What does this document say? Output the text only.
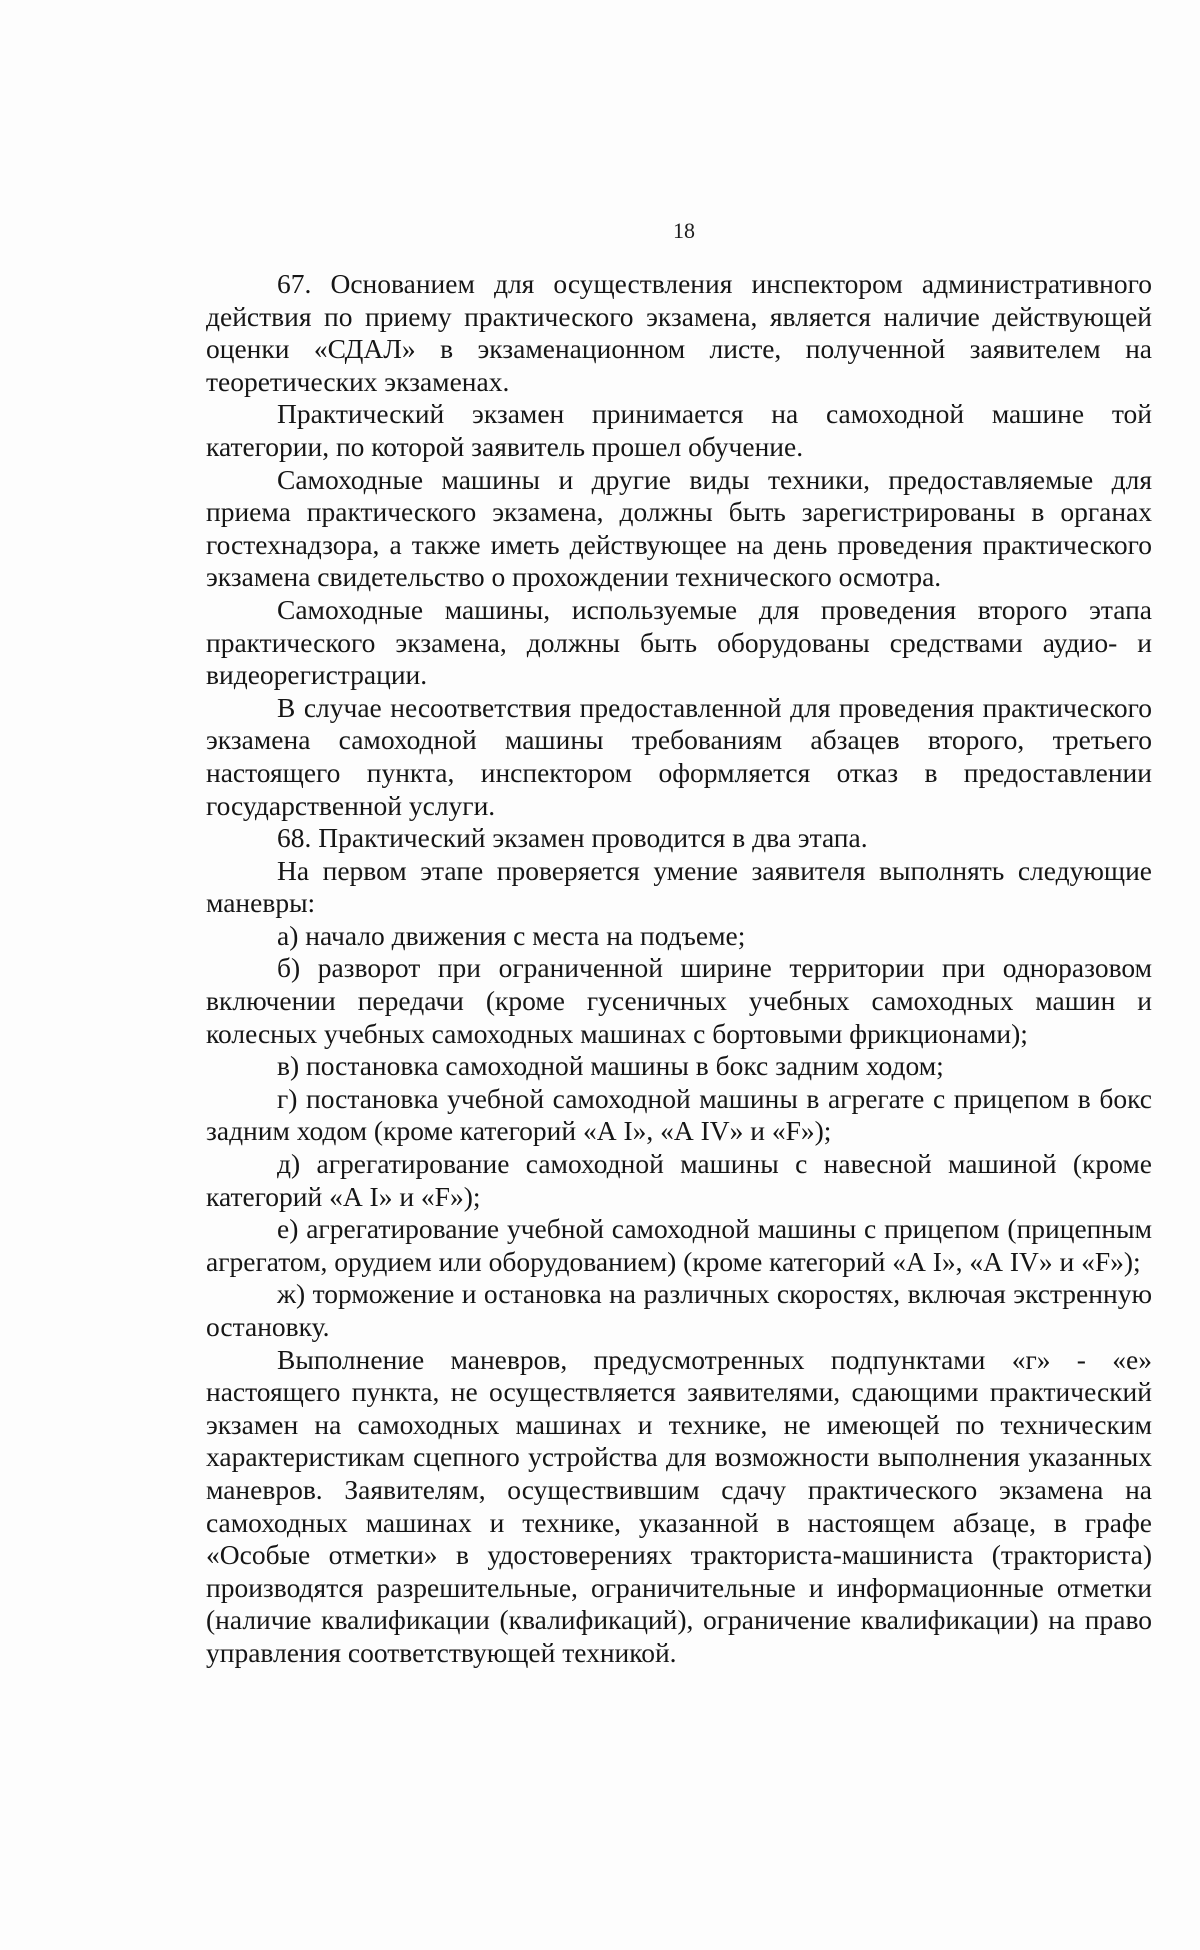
18

67. Основанием для осуществления инспектором административного действия по приему практического экзамена, является наличие действующей оценки «СДАЛ» в экзаменационном листе, полученной заявителем на теоретических экзаменах.

Практический экзамен принимается на самоходной машине той категории, по которой заявитель прошел обучение.

Самоходные машины и другие виды техники, предоставляемые для приема практического экзамена, должны быть зарегистрированы в органах гостехнадзора, а также иметь действующее на день проведения практического экзамена свидетельство о прохождении технического осмотра.

Самоходные машины, используемые для проведения второго этапа практического экзамена, должны быть оборудованы средствами аудио- и видеорегистрации.

В случае несоответствия предоставленной для проведения практического экзамена самоходной машины требованиям абзацев второго, третьего настоящего пункта, инспектором оформляется отказ в предоставлении государственной услуги.

68. Практический экзамен проводится в два этапа.

На первом этапе проверяется умение заявителя выполнять следующие маневры:

а) начало движения с места на подъеме;

б) разворот при ограниченной ширине территории при одноразовом включении передачи (кроме гусеничных учебных самоходных машин и колесных учебных самоходных машинах с бортовыми фрикционами);

в) постановка самоходной машины в бокс задним ходом;

г) постановка учебной самоходной машины в агрегате с прицепом в бокс задним ходом (кроме категорий «А I», «А IV» и «F»);

д) агрегатирование самоходной машины с навесной машиной (кроме категорий «А I» и «F»);

е) агрегатирование учебной самоходной машины с прицепом (прицепным агрегатом, орудием или оборудованием) (кроме категорий «А I», «А IV» и «F»);

ж) торможение и остановка на различных скоростях, включая экстренную остановку.

Выполнение маневров, предусмотренных подпунктами «г» - «е» настоящего пункта, не осуществляется заявителями, сдающими практический экзамен на самоходных машинах и технике, не имеющей по техническим характеристикам сцепного устройства для возможности выполнения указанных маневров. Заявителям, осуществившим сдачу практического экзамена на самоходных машинах и технике, указанной в настоящем абзаце, в графе «Особые отметки» в удостоверениях тракториста-машиниста (тракториста) производятся разрешительные, ограничительные и информационные отметки (наличие квалификации (квалификаций), ограничение квалификации) на право управления соответствующей техникой.
